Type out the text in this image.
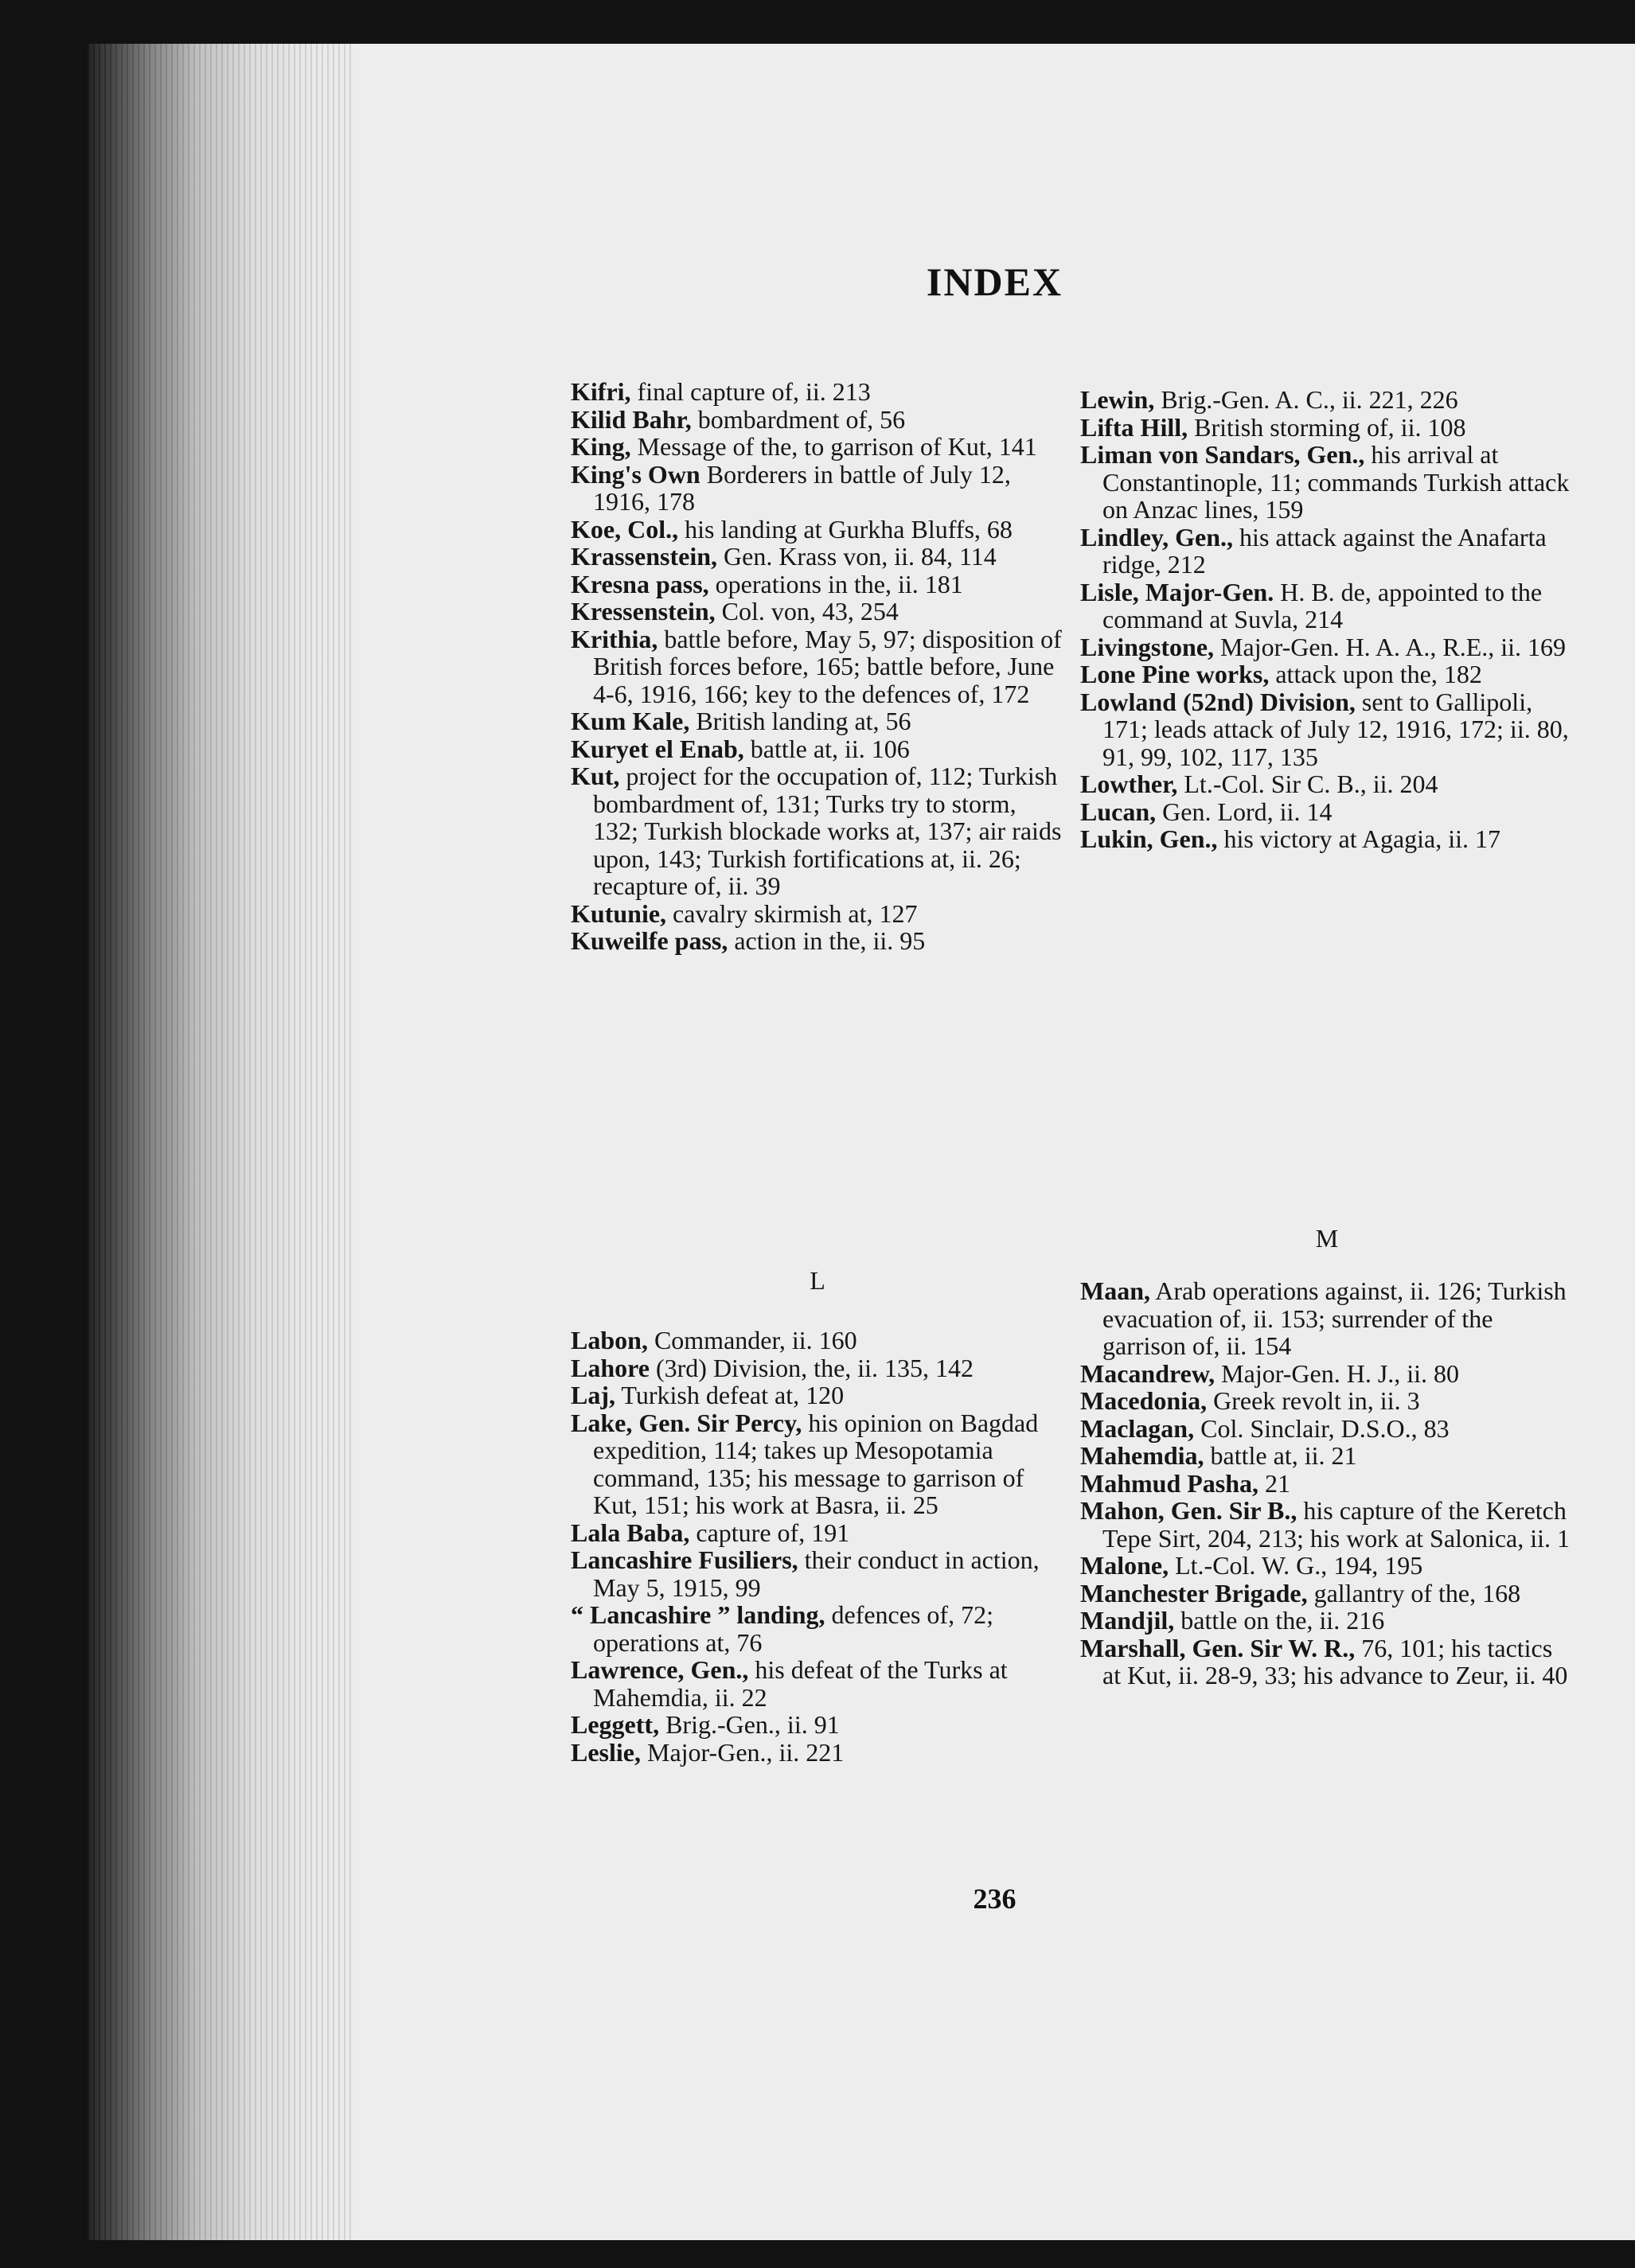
INDEX

Kifri, final capture of, ii. 213

Kilid Bahr, bombardment of, 56

King, Message of the, to garrison of Kut, 141

King's Own Borderers in battle of July 12, 1916, 178

Koe, Col., his landing at Gurkha Bluffs, 68

Krassenstein, Gen. Krass von, ii. 84, 114

Kresna pass, operations in the, ii. 181

Kressenstein, Col. von, 43, 254

Krithia, battle before, May 5, 97; disposition of British forces before, 165; battle before, June 4-6, 1916, 166; key to the defences of, 172

Kum Kale, British landing at, 56

Kuryet el Enab, battle at, ii. 106

Kut, project for the occupation of, 112; Turkish bombardment of, 131; Turks try to storm, 132; Turkish blockade works at, 137; air raids upon, 143; Turkish fortifications at, ii. 26; recapture of, ii. 39

Kutunie, cavalry skirmish at, 127

Kuweilfe pass, action in the, ii. 95

L

Labon, Commander, ii. 160

Lahore (3rd) Division, the, ii. 135, 142

Laj, Turkish defeat at, 120

Lake, Gen. Sir Percy, his opinion on Bagdad expedition, 114; takes up Mesopotamia command, 135; his message to garrison of Kut, 151; his work at Basra, ii. 25

Lala Baba, capture of, 191

Lancashire Fusiliers, their conduct in action, May 5, 1915, 99

“ Lancashire ” landing, defences of, 72; operations at, 76

Lawrence, Gen., his defeat of the Turks at Mahemdia, ii. 22

Leggett, Brig.-Gen., ii. 91

Leslie, Major-Gen., ii. 221

Lewin, Brig.-Gen. A. C., ii. 221, 226

Lifta Hill, British storming of, ii. 108

Liman von Sandars, Gen., his arrival at Constantinople, 11; commands Turkish attack on Anzac lines, 159

Lindley, Gen., his attack against the Anafarta ridge, 212

Lisle, Major-Gen. H. B. de, appointed to the command at Suvla, 214

Livingstone, Major-Gen. H. A. A., R.E., ii. 169

Lone Pine works, attack upon the, 182

Lowland (52nd) Division, sent to Gallipoli, 171; leads attack of July 12, 1916, 172; ii. 80, 91, 99, 102, 117, 135

Lowther, Lt.-Col. Sir C. B., ii. 204

Lucan, Gen. Lord, ii. 14

Lukin, Gen., his victory at Agagia, ii. 17

M

Maan, Arab operations against, ii. 126; Turkish evacuation of, ii. 153; surrender of the garrison of, ii. 154

Macandrew, Major-Gen. H. J., ii. 80

Macedonia, Greek revolt in, ii. 3

Maclagan, Col. Sinclair, D.S.O., 83

Mahemdia, battle at, ii. 21

Mahmud Pasha, 21

Mahon, Gen. Sir B., his capture of the Keretch Tepe Sirt, 204, 213; his work at Salonica, ii. 1

Malone, Lt.-Col. W. G., 194, 195

Manchester Brigade, gallantry of the, 168

Mandjil, battle on the, ii. 216

Marshall, Gen. Sir W. R., 76, 101; his tactics at Kut, ii. 28-9, 33; his advance to Zeur, ii. 40

236
